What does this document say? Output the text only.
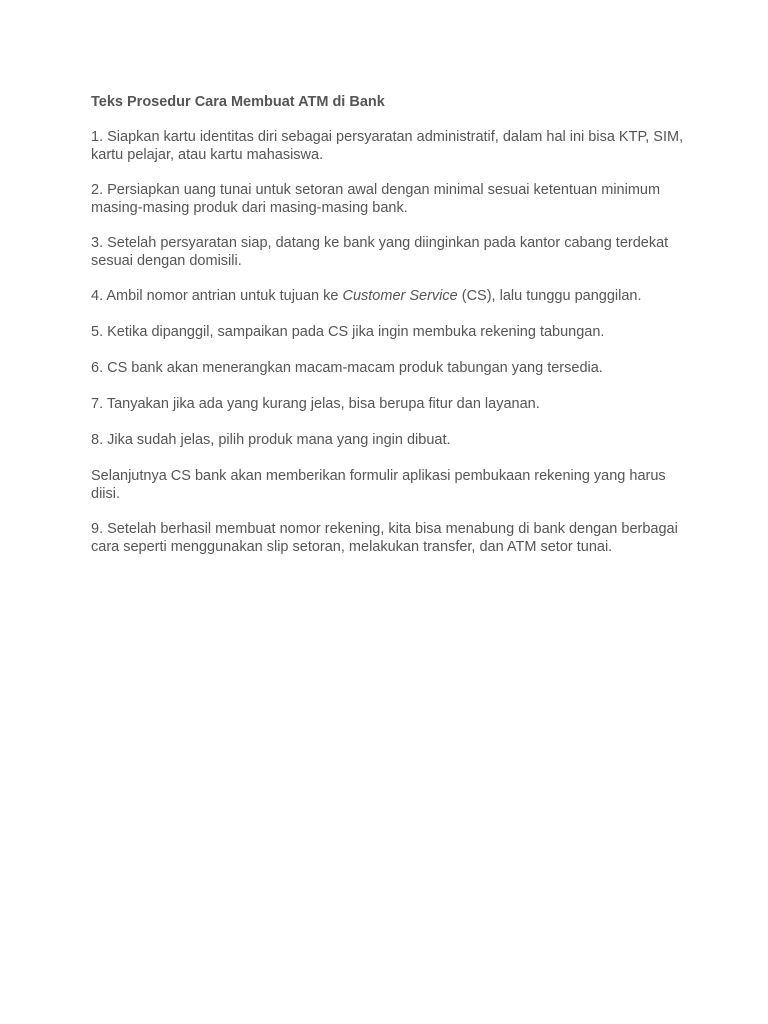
Teks Prosedur Cara Membuat ATM di Bank

1. Siapkan kartu identitas diri sebagai persyaratan administratif, dalam hal ini bisa KTP, SIM, kartu pelajar, atau kartu mahasiswa.

2. Persiapkan uang tunai untuk setoran awal dengan minimal sesuai ketentuan minimum masing-masing produk dari masing-masing bank.

3. Setelah persyaratan siap, datang ke bank yang diinginkan pada kantor cabang terdekat sesuai dengan domisili.

4. Ambil nomor antrian untuk tujuan ke Customer Service (CS), lalu tunggu panggilan.

5. Ketika dipanggil, sampaikan pada CS jika ingin membuka rekening tabungan.

6. CS bank akan menerangkan macam-macam produk tabungan yang tersedia.

7. Tanyakan jika ada yang kurang jelas, bisa berupa fitur dan layanan.

8. Jika sudah jelas, pilih produk mana yang ingin dibuat.

Selanjutnya CS bank akan memberikan formulir aplikasi pembukaan rekening yang harus diisi.

9. Setelah berhasil membuat nomor rekening, kita bisa menabung di bank dengan berbagai cara seperti menggunakan slip setoran, melakukan transfer, dan ATM setor tunai.
